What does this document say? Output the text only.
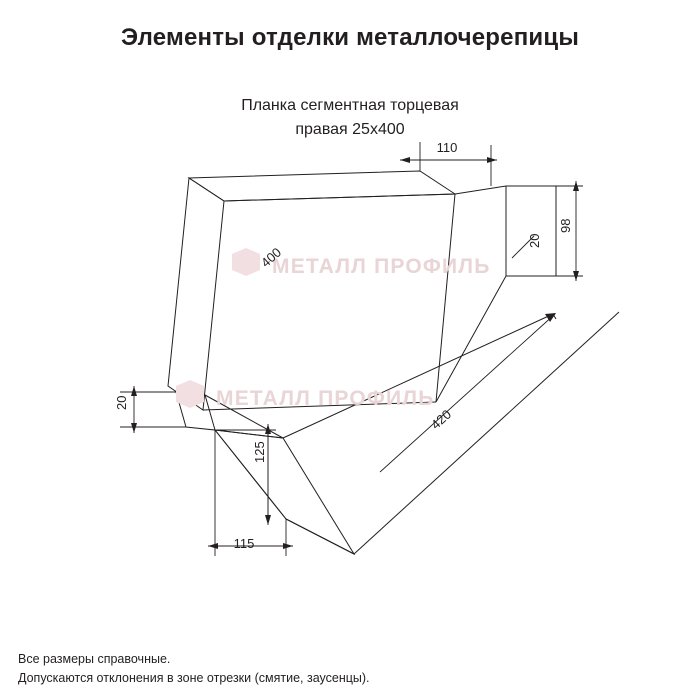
Элементы отделки металлочерепицы
Планка сегментная торцевая
правая 25х400
МЕТАЛЛ ПРОФИЛЬ
МЕТАЛЛ ПРОФИЛЬ
110
98
20
400
420
20
125
115
Все размеры справочные.
Допускаются отклонения в зоне отрезки (смятие, заусенцы).
